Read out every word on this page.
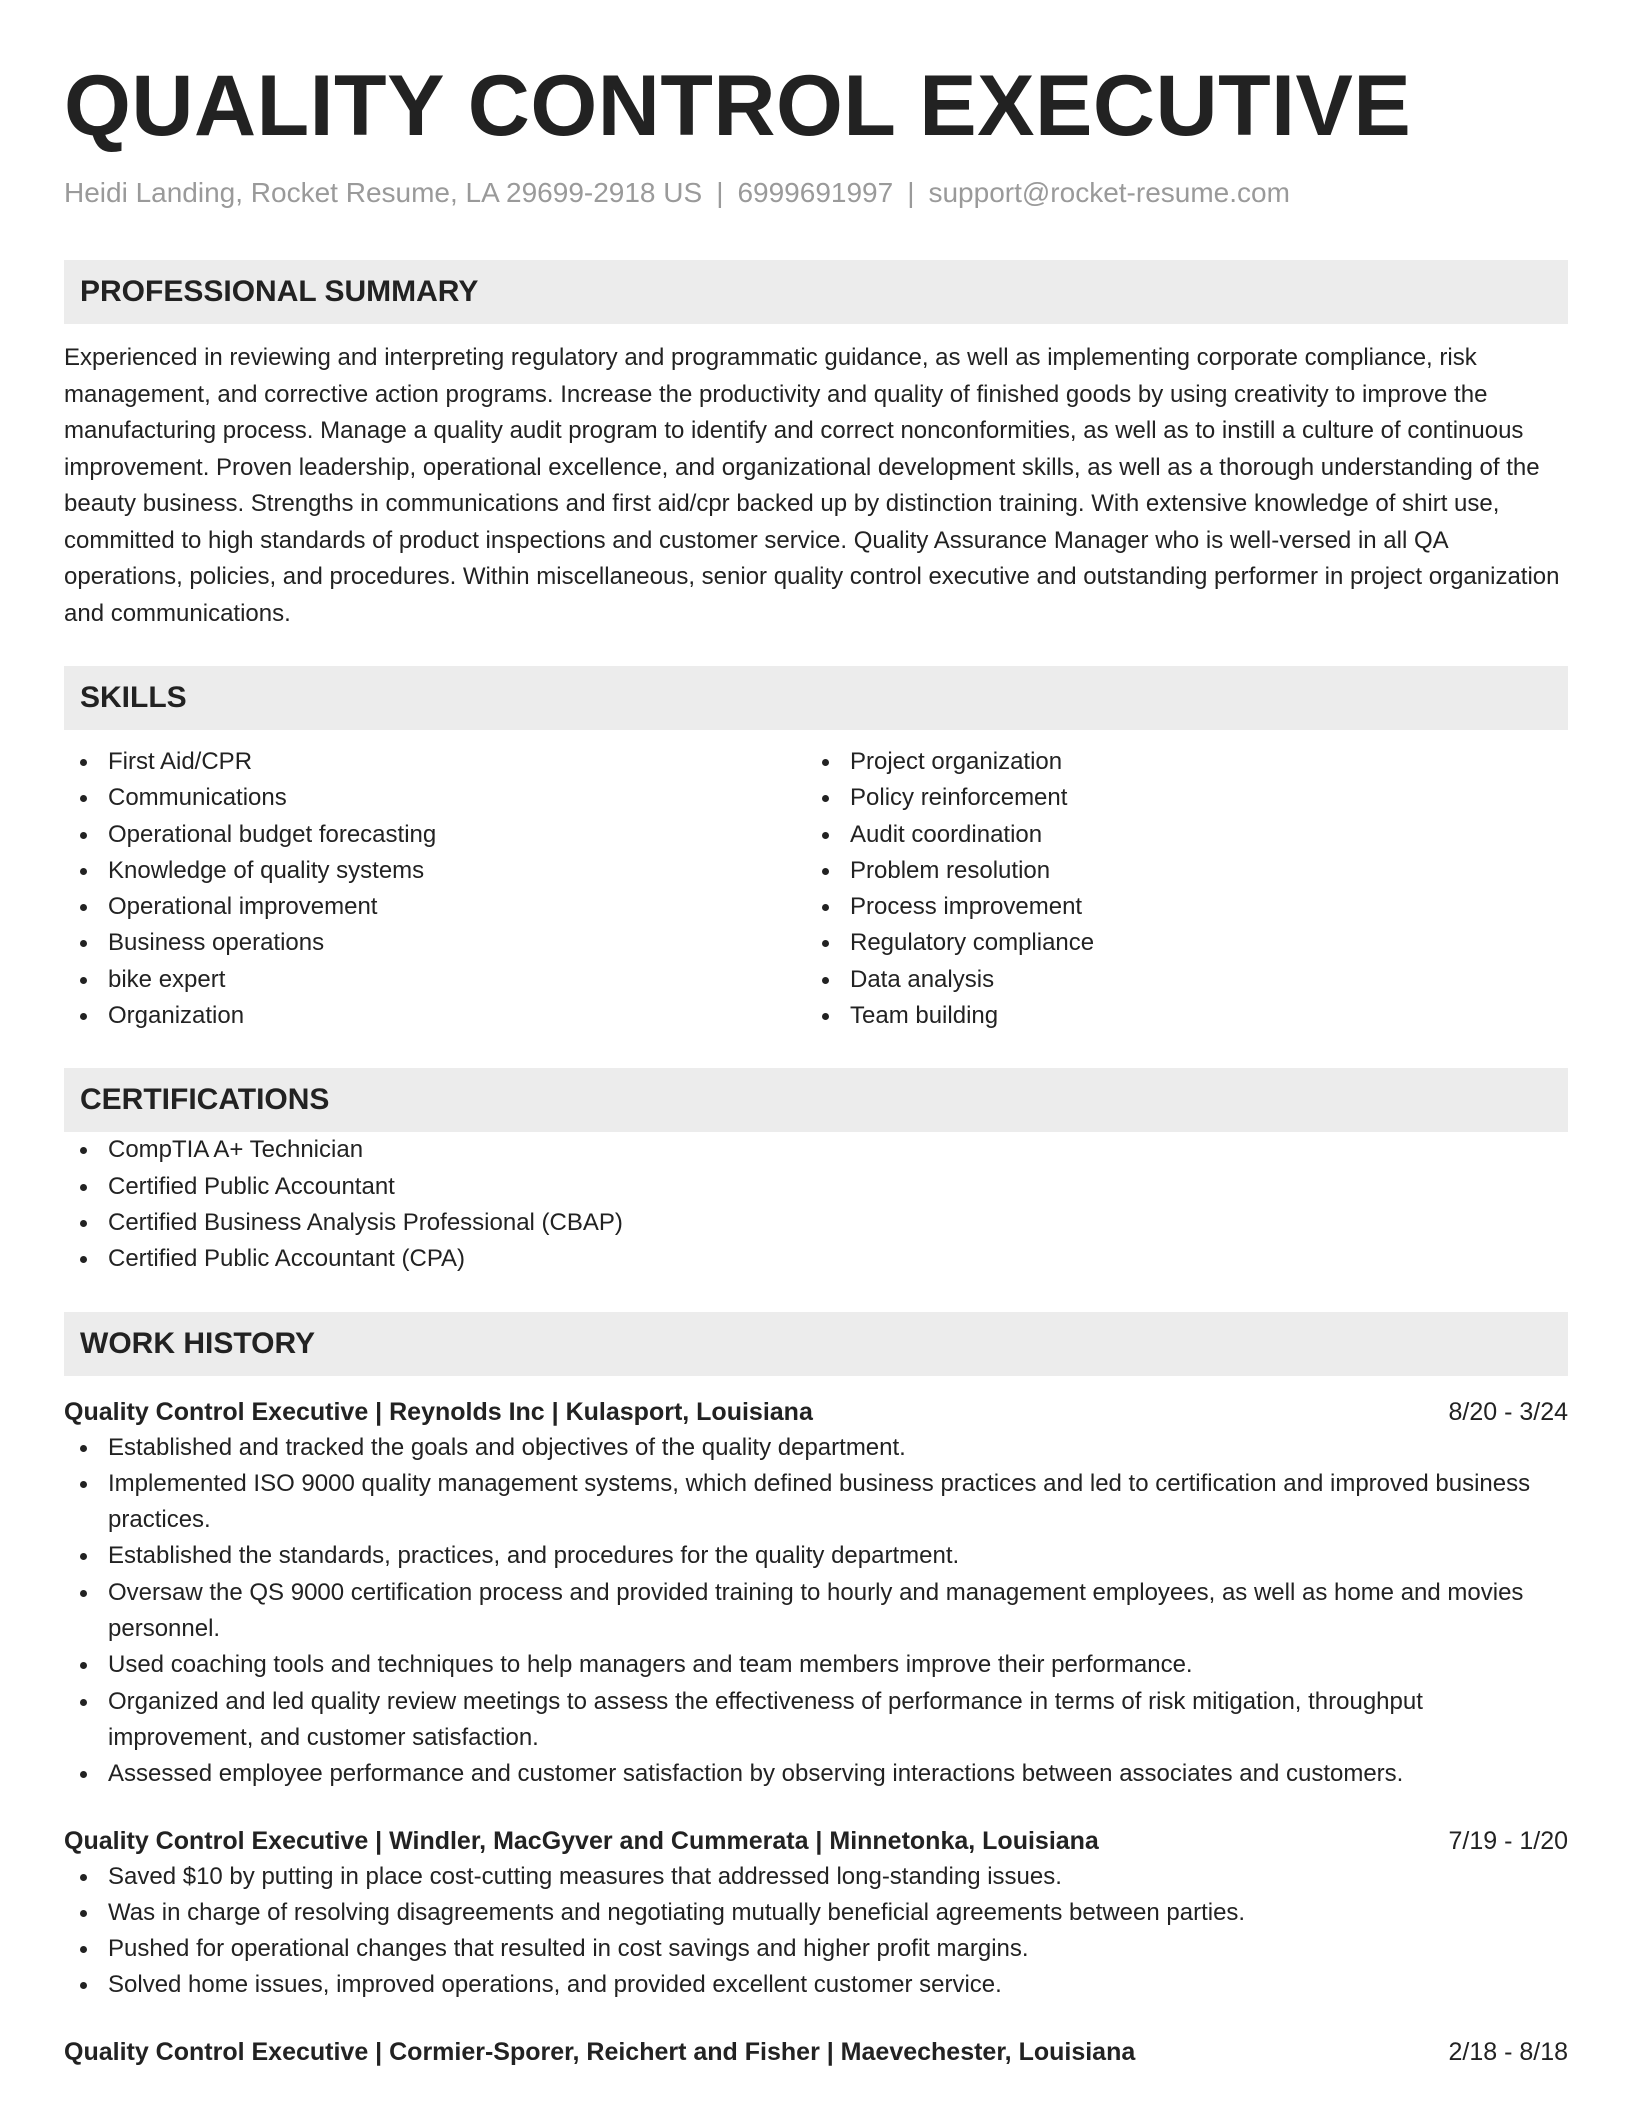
QUALITY CONTROL EXECUTIVE
Heidi Landing, Rocket Resume, LA 29699-2918 US | 6999691997 | support@rocket-resume.com
PROFESSIONAL SUMMARY

Experienced in reviewing and interpreting regulatory and programmatic guidance, as well as implementing corporate compliance, risk management, and corrective action programs. Increase the productivity and quality of finished goods by using creativity to improve the manufacturing process. Manage a quality audit program to identify and correct nonconformities, as well as to instill a culture of continuous improvement. Proven leadership, operational excellence, and organizational development skills, as well as a thorough understanding of the beauty business. Strengths in communications and first aid/cpr backed up by distinction training. With extensive knowledge of shirt use, committed to high standards of product inspections and customer service. Quality Assurance Manager who is well-versed in all QA operations, policies, and procedures. Within miscellaneous, senior quality control executive and outstanding performer in project organization and communications.

SKILLS
First Aid/CPR
Communications
Operational budget forecasting
Knowledge of quality systems
Operational improvement
Business operations
bike expert
Organization
Project organization
Policy reinforcement
Audit coordination
Problem resolution
Process improvement
Regulatory compliance
Data analysis
Team building
CERTIFICATIONS
CompTIA A+ Technician
Certified Public Accountant
Certified Business Analysis Professional (CBAP)
Certified Public Accountant (CPA)
WORK HISTORY
Quality Control Executive | Reynolds Inc | Kulasport, Louisiana	8/20 - 3/24
Established and tracked the goals and objectives of the quality department.
Implemented ISO 9000 quality management systems, which defined business practices and led to certification and improved business practices.
Established the standards, practices, and procedures for the quality department.
Oversaw the QS 9000 certification process and provided training to hourly and management employees, as well as home and movies personnel.
Used coaching tools and techniques to help managers and team members improve their performance.
Organized and led quality review meetings to assess the effectiveness of performance in terms of risk mitigation, throughput improvement, and customer satisfaction.
Assessed employee performance and customer satisfaction by observing interactions between associates and customers.
Quality Control Executive | Windler, MacGyver and Cummerata | Minnetonka, Louisiana	7/19 - 1/20
Saved $10 by putting in place cost-cutting measures that addressed long-standing issues.
Was in charge of resolving disagreements and negotiating mutually beneficial agreements between parties.
Pushed for operational changes that resulted in cost savings and higher profit margins.
Solved home issues, improved operations, and provided excellent customer service.
Quality Control Executive | Cormier-Sporer, Reichert and Fisher | Maevechester, Louisiana	2/18 - 8/18
